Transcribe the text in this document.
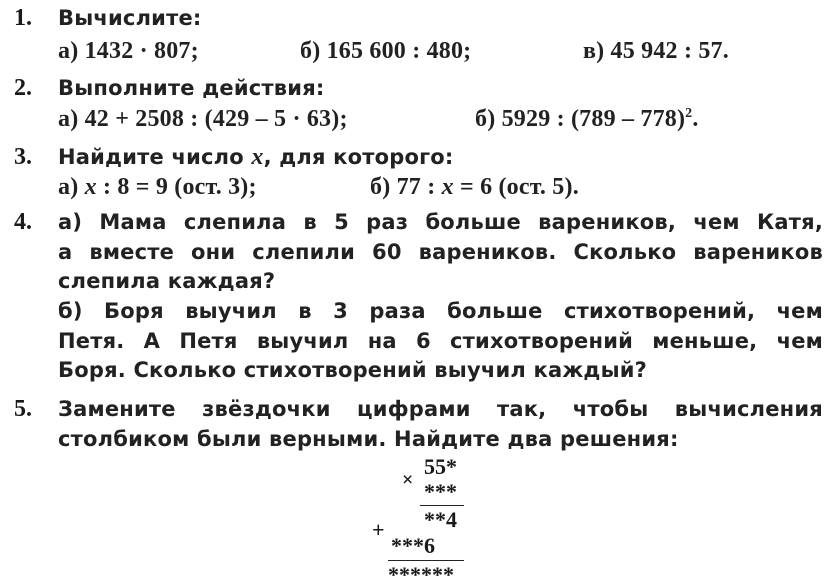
1. Вычислите:
а) 1432 · 807;	б) 165 600 : 480;	в) 45 942 : 57.
2. Выполните действия:
а) 42 + 2508 : (429 – 5 · 63);	б) 5929 : (789 – 778)$^2$.
3. Найдите число x, для которого:
а) x : 8 = 9 (ост. 3);	б) 77 : x = 6 (ост. 5).
4. а) Мама слепила в 5 раз больше вареников, чем Катя,
а вместе они слепили 60 вареников. Сколько вареников
слепила каждая?
б) Боря выучил в 3 раза больше стихотворений, чем
Петя. А Петя выучил на 6 стихотворений меньше, чем
Боря. Сколько стихотворений выучил каждый?
5. Замените звёздочки цифрами так, чтобы вычисления
столбиком были верными. Найдите два решения:
×
55*
***
**4
+
***6
******
